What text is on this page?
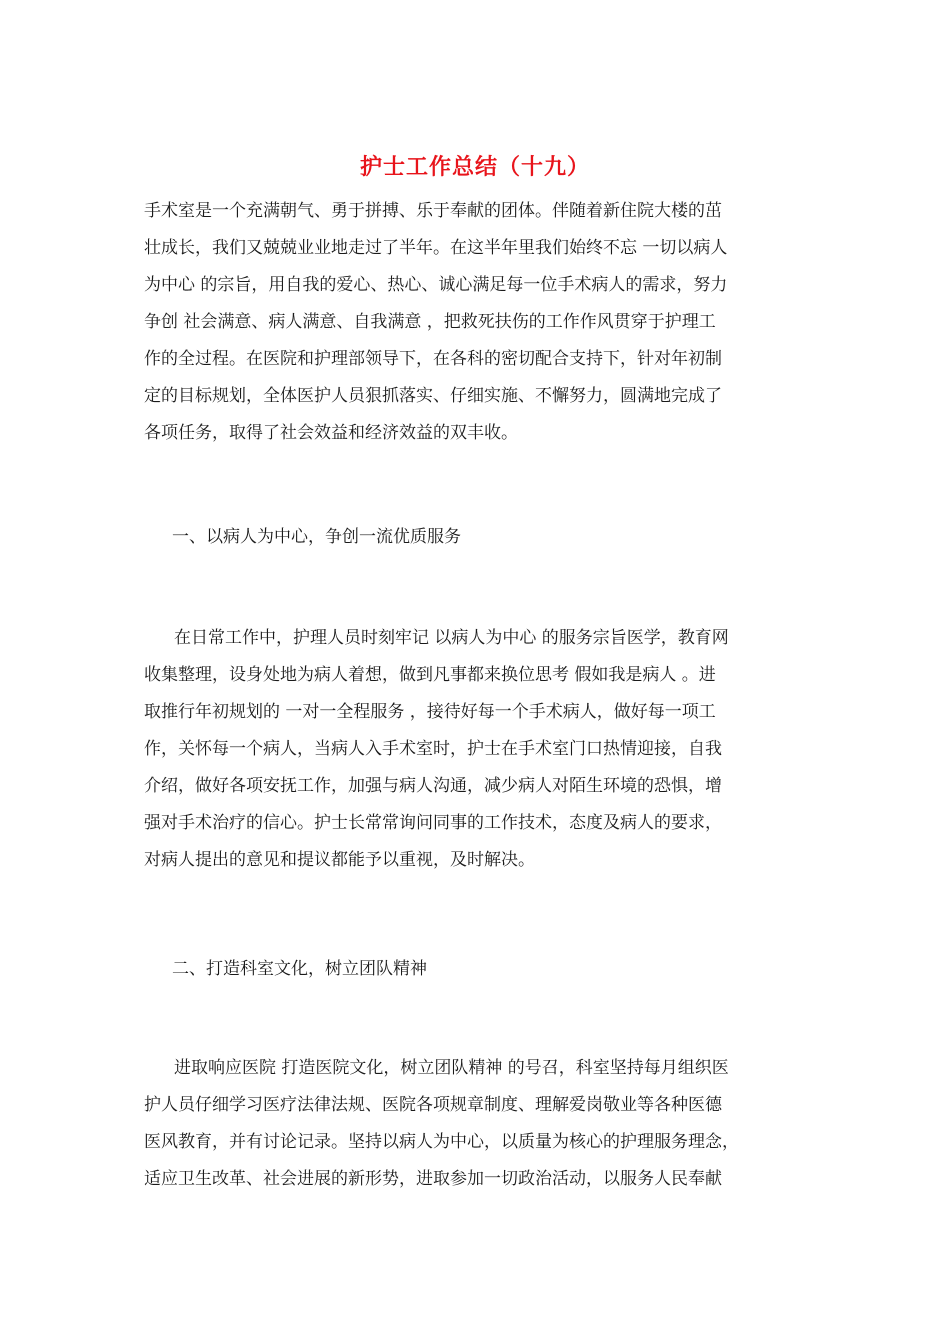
护士工作总结（十九）

手术室是一个充满朝气、勇于拼搏、乐于奉献的团体。伴随着新住院大楼的茁
壮成长，我们又兢兢业业地走过了半年。在这半年里我们始终不忘 一切以病人
为中心 的宗旨，用自我的爱心、热心、诚心满足每一位手术病人的需求，努力
争创 社会满意、病人满意、自我满意 ，把救死扶伤的工作作风贯穿于护理工
作的全过程。在医院和护理部领导下，在各科的密切配合支持下，针对年初制
定的目标规划，全体医护人员狠抓落实、仔细实施、不懈努力，圆满地完成了
各项任务，取得了社会效益和经济效益的双丰收。

一、以病人为中心，争创一流优质服务

在日常工作中，护理人员时刻牢记 以病人为中心 的服务宗旨医学，教育网
收集整理，设身处地为病人着想，做到凡事都来换位思考 假如我是病人 。进
取推行年初规划的 一对一全程服务 ，接待好每一个手术病人，做好每一项工
作，关怀每一个病人，当病人入手术室时，护士在手术室门口热情迎接，自我
介绍，做好各项安抚工作，加强与病人沟通，减少病人对陌生环境的恐惧，增
强对手术治疗的信心。护士长常常询问同事的工作技术，态度及病人的要求，
对病人提出的意见和提议都能予以重视，及时解决。

二、打造科室文化，树立团队精神

进取响应医院 打造医院文化，树立团队精神 的号召，科室坚持每月组织医
护人员仔细学习医疗法律法规、医院各项规章制度、理解爱岗敬业等各种医德
医风教育，并有讨论记录。坚持以病人为中心，以质量为核心的护理服务理念，
适应卫生改革、社会进展的新形势，进取参加一切政治活动，以服务人民奉献
